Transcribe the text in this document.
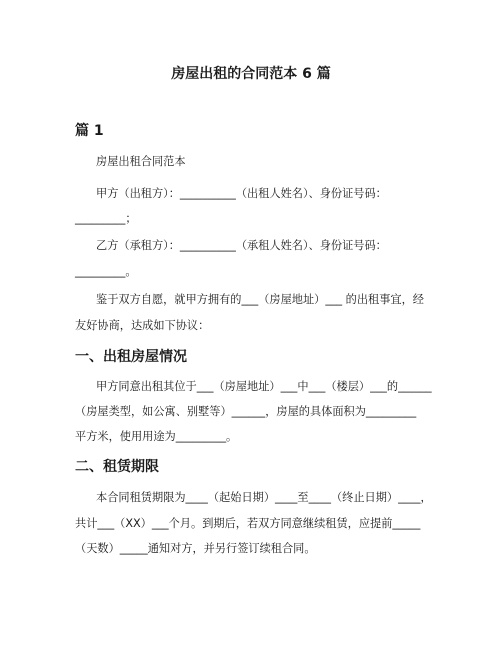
房屋出租的合同范本 6 篇
篇 1
房屋出租合同范本
甲方（出租方）：__________（出租人姓名）、身份证号码：
_________；
乙方（承租方）：__________（承租人姓名）、身份证号码：
_________。
鉴于双方自愿，就甲方拥有的___（房屋地址）___ 的出租事宜，经
友好协商，达成如下协议：
一、出租房屋情况
甲方同意出租其位于___（房屋地址）___中___（楼层）___的______
（房屋类型，如公寓、别墅等）______，房屋的具体面积为_________
平方米，使用用途为_________。
二、租赁期限
本合同租赁期限为____（起始日期）____至____（终止日期）____，
共计___（XX）___个月。到期后，若双方同意继续租赁，应提前_____
（天数）_____通知对方，并另行签订续租合同。
